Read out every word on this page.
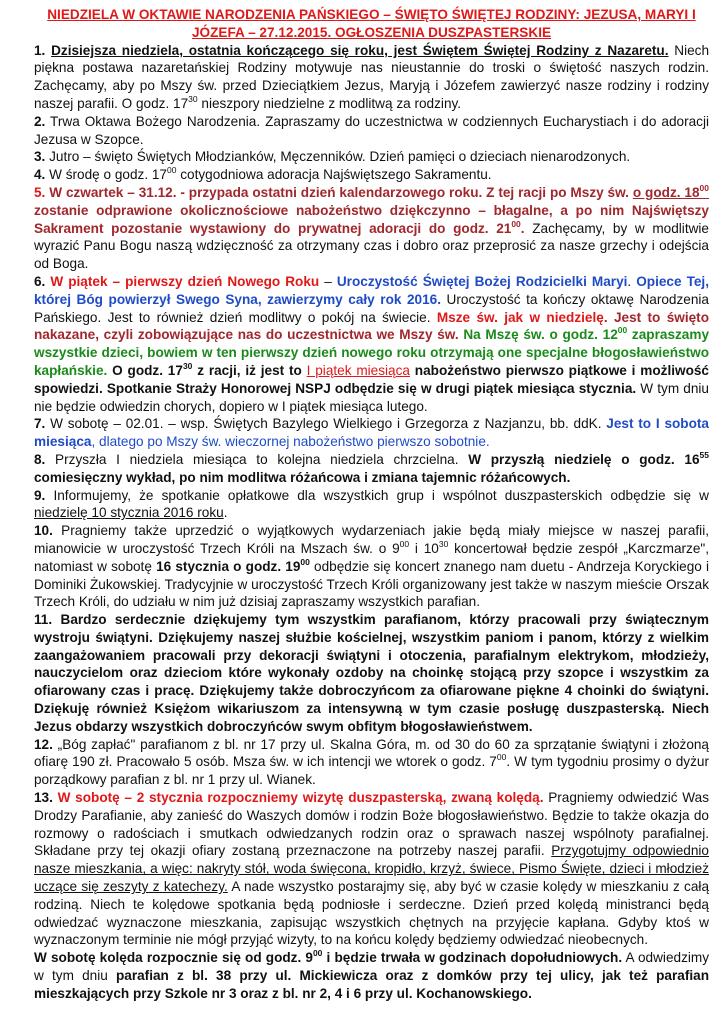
NIEDZIELA W OKTAWIE NARODZENIA PAŃSKIEGO – ŚWIĘTO ŚWIĘTEJ RODZINY: JEZUSA, MARYI I
JÓZEFA – 27.12.2015. OGŁOSZENIA DUSZPASTERSKIE

1. Dzisiejsza niedziela, ostatnia kończącego się roku, jest Świętem Świętej Rodziny z Nazaretu. Niech piękna postawa nazaretańskiej Rodziny motywuje nas nieustannie do troski o świętość naszych rodzin. Zachęcamy, aby po Mszy św. przed Dzieciątkiem Jezus, Maryją i Józefem zawierzyć nasze rodziny i rodziny naszej parafii. O godz. $17^{30}$ nieszpory niedzielne z modlitwą za rodziny.

2. Trwa Oktawa Bożego Narodzenia. Zapraszamy do uczestnictwa w codziennych Eucharystiach i do adoracji Jezusa w Szopce.

3. Jutro – święto Świętych Młodzianków, Męczenników. Dzień pamięci o dzieciach nienarodzonych.

4. W środę o godz. $17^{00}$ cotygodniowa adoracja Najświętszego Sakramentu.

5. W czwartek – 31.12. - przypada ostatni dzień kalendarzowego roku. Z tej racji po Mszy św. o godz. $18^{00}$ zostanie odprawione okolicznościowe nabożeństwo dziękczynno – błagalne, a po nim Najświętszy Sakrament pozostanie wystawiony do prywatnej adoracji do godz. $21^{00}$. Zachęcamy, by w modlitwie wyrazić Panu Bogu naszą wdzięczność za otrzymany czas i dobro oraz przeprosić za nasze grzechy i odejścia od Boga.

6. W piątek – pierwszy dzień Nowego Roku – Uroczystość Świętej Bożej Rodzicielki Maryi. Opiece Tej, której Bóg powierzył Swego Syna, zawierzymy cały rok 2016. Uroczystość ta kończy oktawę Narodzenia Pańskiego. Jest to również dzień modlitwy o pokój na świecie. Msze św. jak w niedzielę. Jest to święto nakazane, czyli zobowiązujące nas do uczestnictwa we Mszy św. Na Mszę św. o godz. $12^{00}$ zapraszamy wszystkie dzieci, bowiem w ten pierwszy dzień nowego roku otrzymają one specjalne błogosławieństwo kapłańskie. O godz. $17^{30}$ z racji, iż jest to I piątek miesiąca nabożeństwo pierwszo piątkowe i możliwość spowiedzi. Spotkanie Straży Honorowej NSPJ odbędzie się w drugi piątek miesiąca stycznia. W tym dniu nie będzie odwiedzin chorych, dopiero w I piątek miesiąca lutego.

7. W sobotę – 02.01. – wsp. Świętych Bazylego Wielkiego i Grzegorza z Nazjanzu, bb. ddK. Jest to I sobota miesiąca, dlatego po Mszy św. wieczornej nabożeństwo pierwszo sobotnie.

8. Przyszła I niedziela miesiąca to kolejna niedziela chrzcielna. W przyszłą niedzielę o godz. $16^{55}$ comiesięczny wykład, po nim modlitwa różańcowa i zmiana tajemnic różańcowych.

9. Informujemy, że spotkanie opłatkowe dla wszystkich grup i wspólnot duszpasterskich odbędzie się w niedzielę 10 stycznia 2016 roku.

10. Pragniemy także uprzedzić o wyjątkowych wydarzeniach jakie będą miały miejsce w naszej parafii, mianowicie w uroczystość Trzech Króli na Mszach św. o $9^{00}$ i $10^{30}$ koncertował będzie zespół „Karczmarze", natomiast w sobotę 16 stycznia o godz. $19^{00}$ odbędzie się koncert znanego nam duetu - Andrzeja Koryckiego i Dominiki Żukowskiej. Tradycyjnie w uroczystość Trzech Króli organizowany jest także w naszym mieście Orszak Trzech Króli, do udziału w nim już dzisiaj zapraszamy wszystkich parafian.

11. Bardzo serdecznie dziękujemy tym wszystkim parafianom, którzy pracowali przy świątecznym wystroju świątyni. Dziękujemy naszej służbie kościelnej, wszystkim paniom i panom, którzy z wielkim zaangażowaniem pracowali przy dekoracji świątyni i otoczenia, parafialnym elektrykom, młodzieży, nauczycielom oraz dzieciom które wykonały ozdoby na choinkę stojącą przy szopce i wszystkim za ofiarowany czas i pracę. Dziękujemy także dobroczyńcom za ofiarowane piękne 4 choinki do świątyni. Dziękuję również Księżom wikariuszom za intensywną w tym czasie posługę duszpasterską. Niech Jezus obdarzy wszystkich dobroczyńców swym obfitym błogosławieństwem.

12. „Bóg zapłać" parafianom z bl. nr 17 przy ul. Skalna Góra, m. od 30 do 60 za sprzątanie świątyni i złożoną ofiarę 190 zł. Pracowało 5 osób. Msza św. w ich intencji we wtorek o godz. $7^{00}$. W tym tygodniu prosimy o dyżur porządkowy parafian z bl. nr 1 przy ul. Wianek.

13. W sobotę – 2 stycznia rozpoczniemy wizytę duszpasterską, zwaną kolędą. Pragniemy odwiedzić Was Drodzy Parafianie, aby zanieść do Waszych domów i rodzin Boże błogosławieństwo. Będzie to także okazja do rozmowy o radościach i smutkach odwiedzanych rodzin oraz o sprawach naszej wspólnoty parafialnej. Składane przy tej okazji ofiary zostaną przeznaczone na potrzeby naszej parafii. Przygotujmy odpowiednio nasze mieszkania, a więc: nakryty stół, woda święcona, kropidło, krzyż, świece, Pismo Święte, dzieci i młodzież uczące się zeszyty z katechezy. A nade wszystko postarajmy się, aby być w czasie kolędy w mieszkaniu z całą rodziną. Niech te kolędowe spotkania będą podniosłe i serdeczne. Dzień przed kolędą ministranci będą odwiedzać wyznaczone mieszkania, zapisując wszystkich chętnych na przyjęcie kapłana. Gdyby ktoś w wyznaczonym terminie nie mógł przyjąć wizyty, to na końcu kolędy będziemy odwiedzać nieobecnych.

W sobotę kolęda rozpocznie się od godz. $9^{00}$ i będzie trwała w godzinach dopołudniowych. A odwiedzimy w tym dniu parafian z bl. 38 przy ul. Mickiewicza oraz z domków przy tej ulicy, jak też parafian mieszkających przy Szkole nr 3 oraz z bl. nr 2, 4 i 6 przy ul. Kochanowskiego.
